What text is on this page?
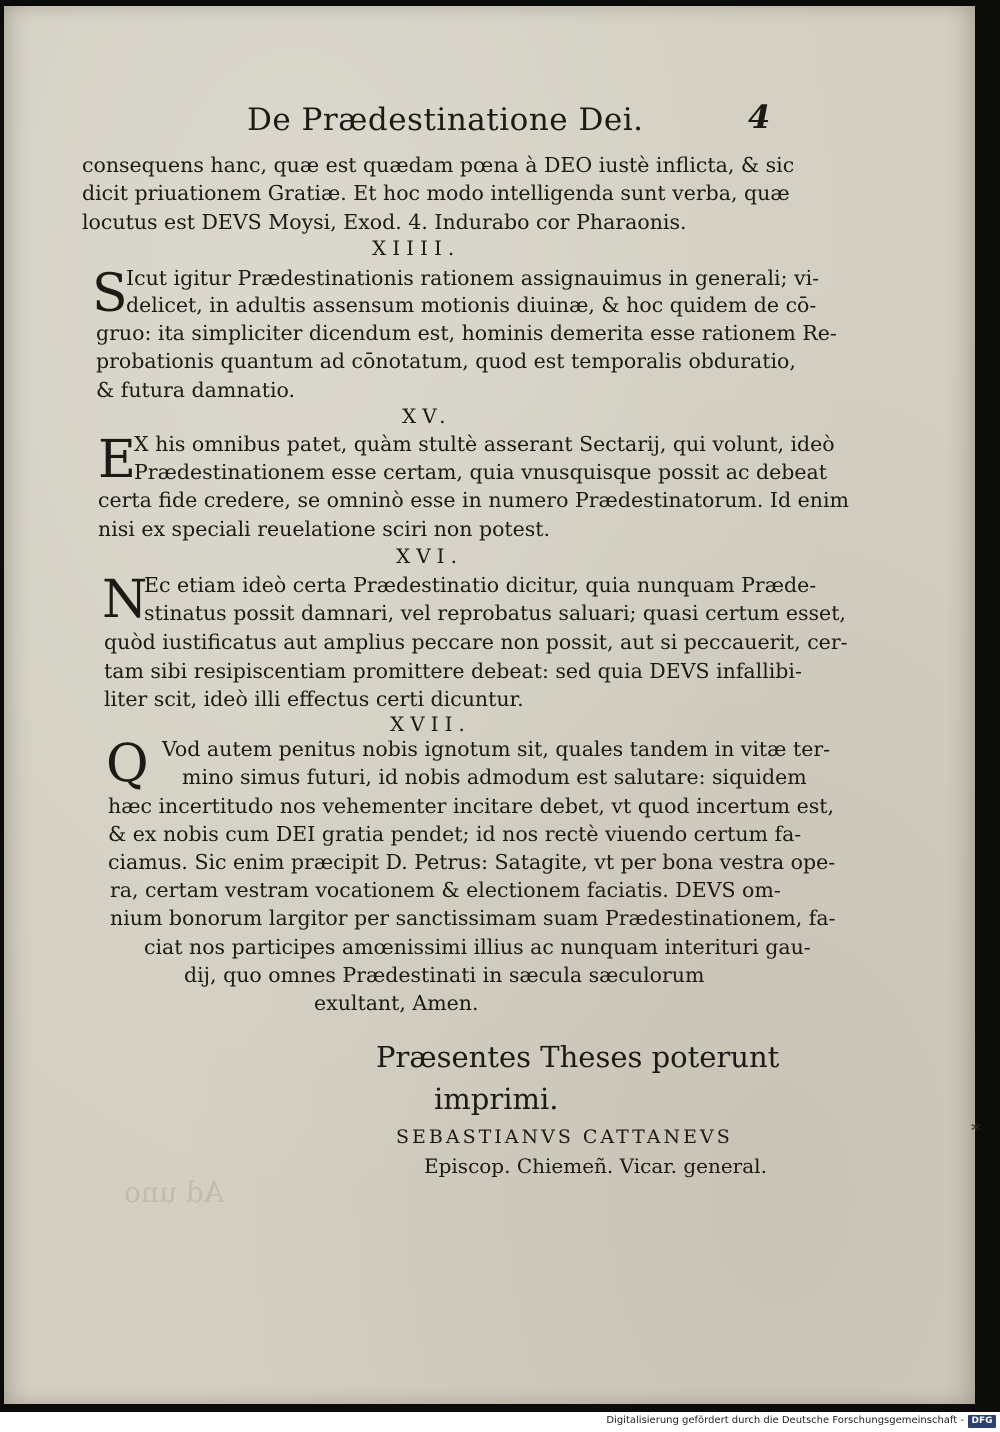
De Prædestinatione Dei.	4
consequens hanc, quæ est quædam pœna à DEO iustè inflicta, & sic
dicit priuationem Gratiæ. Et hoc modo intelligenda sunt verba, quæ
locutus est DEVS Moysi, Exod. 4. Indurabo cor Pharaonis.
XIIII.
S
Icut igitur Prædestinationis rationem assignauimus in generali; vi-
delicet, in adultis assensum motionis diuinæ, & hoc quidem de cō-
gruo: ita simpliciter dicendum est, hominis demerita esse rationem Re-
probationis quantum ad cōnotatum, quod est temporalis obduratio,
& futura damnatio.
XV.
E
X his omnibus patet, quàm stultè asserant Sectarij, qui volunt, ideò
Prædestinationem esse certam, quia vnusquisque possit ac debeat
certa fide credere, se omninò esse in numero Prædestinatorum. Id enim
nisi ex speciali reuelatione sciri non potest.
XVI.
N
Ec etiam ideò certa Prædestinatio dicitur, quia nunquam Præde-
stinatus possit damnari, vel reprobatus saluari; quasi certum esset,
quòd iustificatus aut amplius peccare non possit, aut si peccauerit, cer-
tam sibi resipiscentiam promittere debeat: sed quia DEVS infallibi-
liter scit, ideò illi effectus certi dicuntur.
XVII.
Q Vod autem penitus nobis ignotum sit, quales tandem in vitæ ter-
mino simus futuri, id nobis admodum est salutare: siquidem
hæc incertitudo nos vehementer incitare debet, vt quod incertum est,
& ex nobis cum DEI gratia pendet; id nos rectè viuendo certum fa-
ciamus. Sic enim præcipit D. Petrus: Satagite, vt per bona vestra ope-
ra, certam vestram vocationem & electionem faciatis. DEVS om-
nium bonorum largitor per sanctissimam suam Prædestinationem, fa-
ciat nos participes amœnissimi illius ac nunquam interituri gau-
dij, quo omnes Prædestinati in sæcula sæculorum
exultant, Amen.
Præsentes Theses poterunt
imprimi.
SEBASTIANVS CATTANEVS
Episcop. Chiemeñ. Vicar. general.
*
Ad uno
Digitalisierung gefördert durch die Deutsche Forschungsgemeinschaft - DFG
